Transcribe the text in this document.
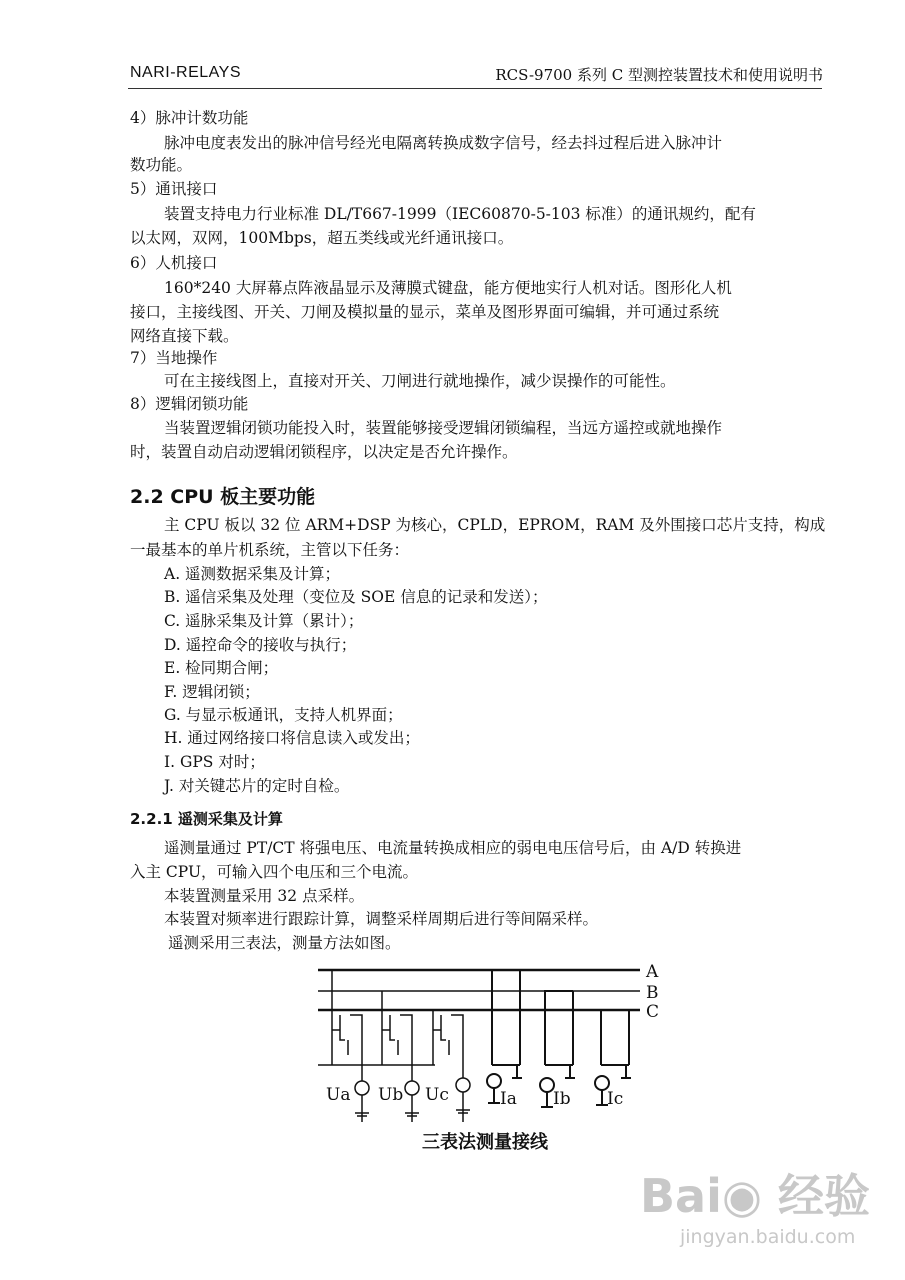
NARI-RELAYS	RCS-9700 系列 C 型测控装置技术和使用说明书
4）脉冲计数功能
脉冲电度表发出的脉冲信号经光电隔离转换成数字信号，经去抖过程后进入脉冲计
数功能。
5）通讯接口
装置支持电力行业标准 DL/T667-1999（IEC60870-5-103 标准）的通讯规约，配有
以太网，双网，100Mbps，超五类线或光纤通讯接口。
6）人机接口
160*240 大屏幕点阵液晶显示及薄膜式键盘，能方便地实行人机对话。图形化人机
接口，主接线图、开关、刀闸及模拟量的显示，菜单及图形界面可编辑，并可通过系统
网络直接下载。
7）当地操作
可在主接线图上，直接对开关、刀闸进行就地操作，减少误操作的可能性。
8）逻辑闭锁功能
当装置逻辑闭锁功能投入时，装置能够接受逻辑闭锁编程，当远方遥控或就地操作
时，装置自动启动逻辑闭锁程序，以决定是否允许操作。
2.2 CPU 板主要功能
主 CPU 板以 32 位 ARM+DSP 为核心，CPLD，EPROM，RAM 及外围接口芯片支持，构成
一最基本的单片机系统，主管以下任务：
A. 遥测数据采集及计算；
B. 遥信采集及处理（变位及 SOE 信息的记录和发送）；
C. 遥脉采集及计算（累计）；
D. 遥控命令的接收与执行；
E. 检同期合闸；
F. 逻辑闭锁；
G. 与显示板通讯，支持人机界面；
H. 通过网络接口将信息读入或发出；
I. GPS 对时；
J. 对关键芯片的定时自检。
2.2.1 遥测采集及计算
遥测量通过 PT/CT 将强电压、电流量转换成相应的弱电电压信号后，由 A/D 转换进
入主 CPU，可输入四个电压和三个电流。
本装置测量采用 32 点采样。
本装置对频率进行跟踪计算，调整采样周期后进行等间隔采样。
遥测采用三表法，测量方法如图。
A
B
C
Ua Ub Uc	Ia Ib Ic
三表法测量接线
Bai◉ 经验
jingyan.baidu.com
